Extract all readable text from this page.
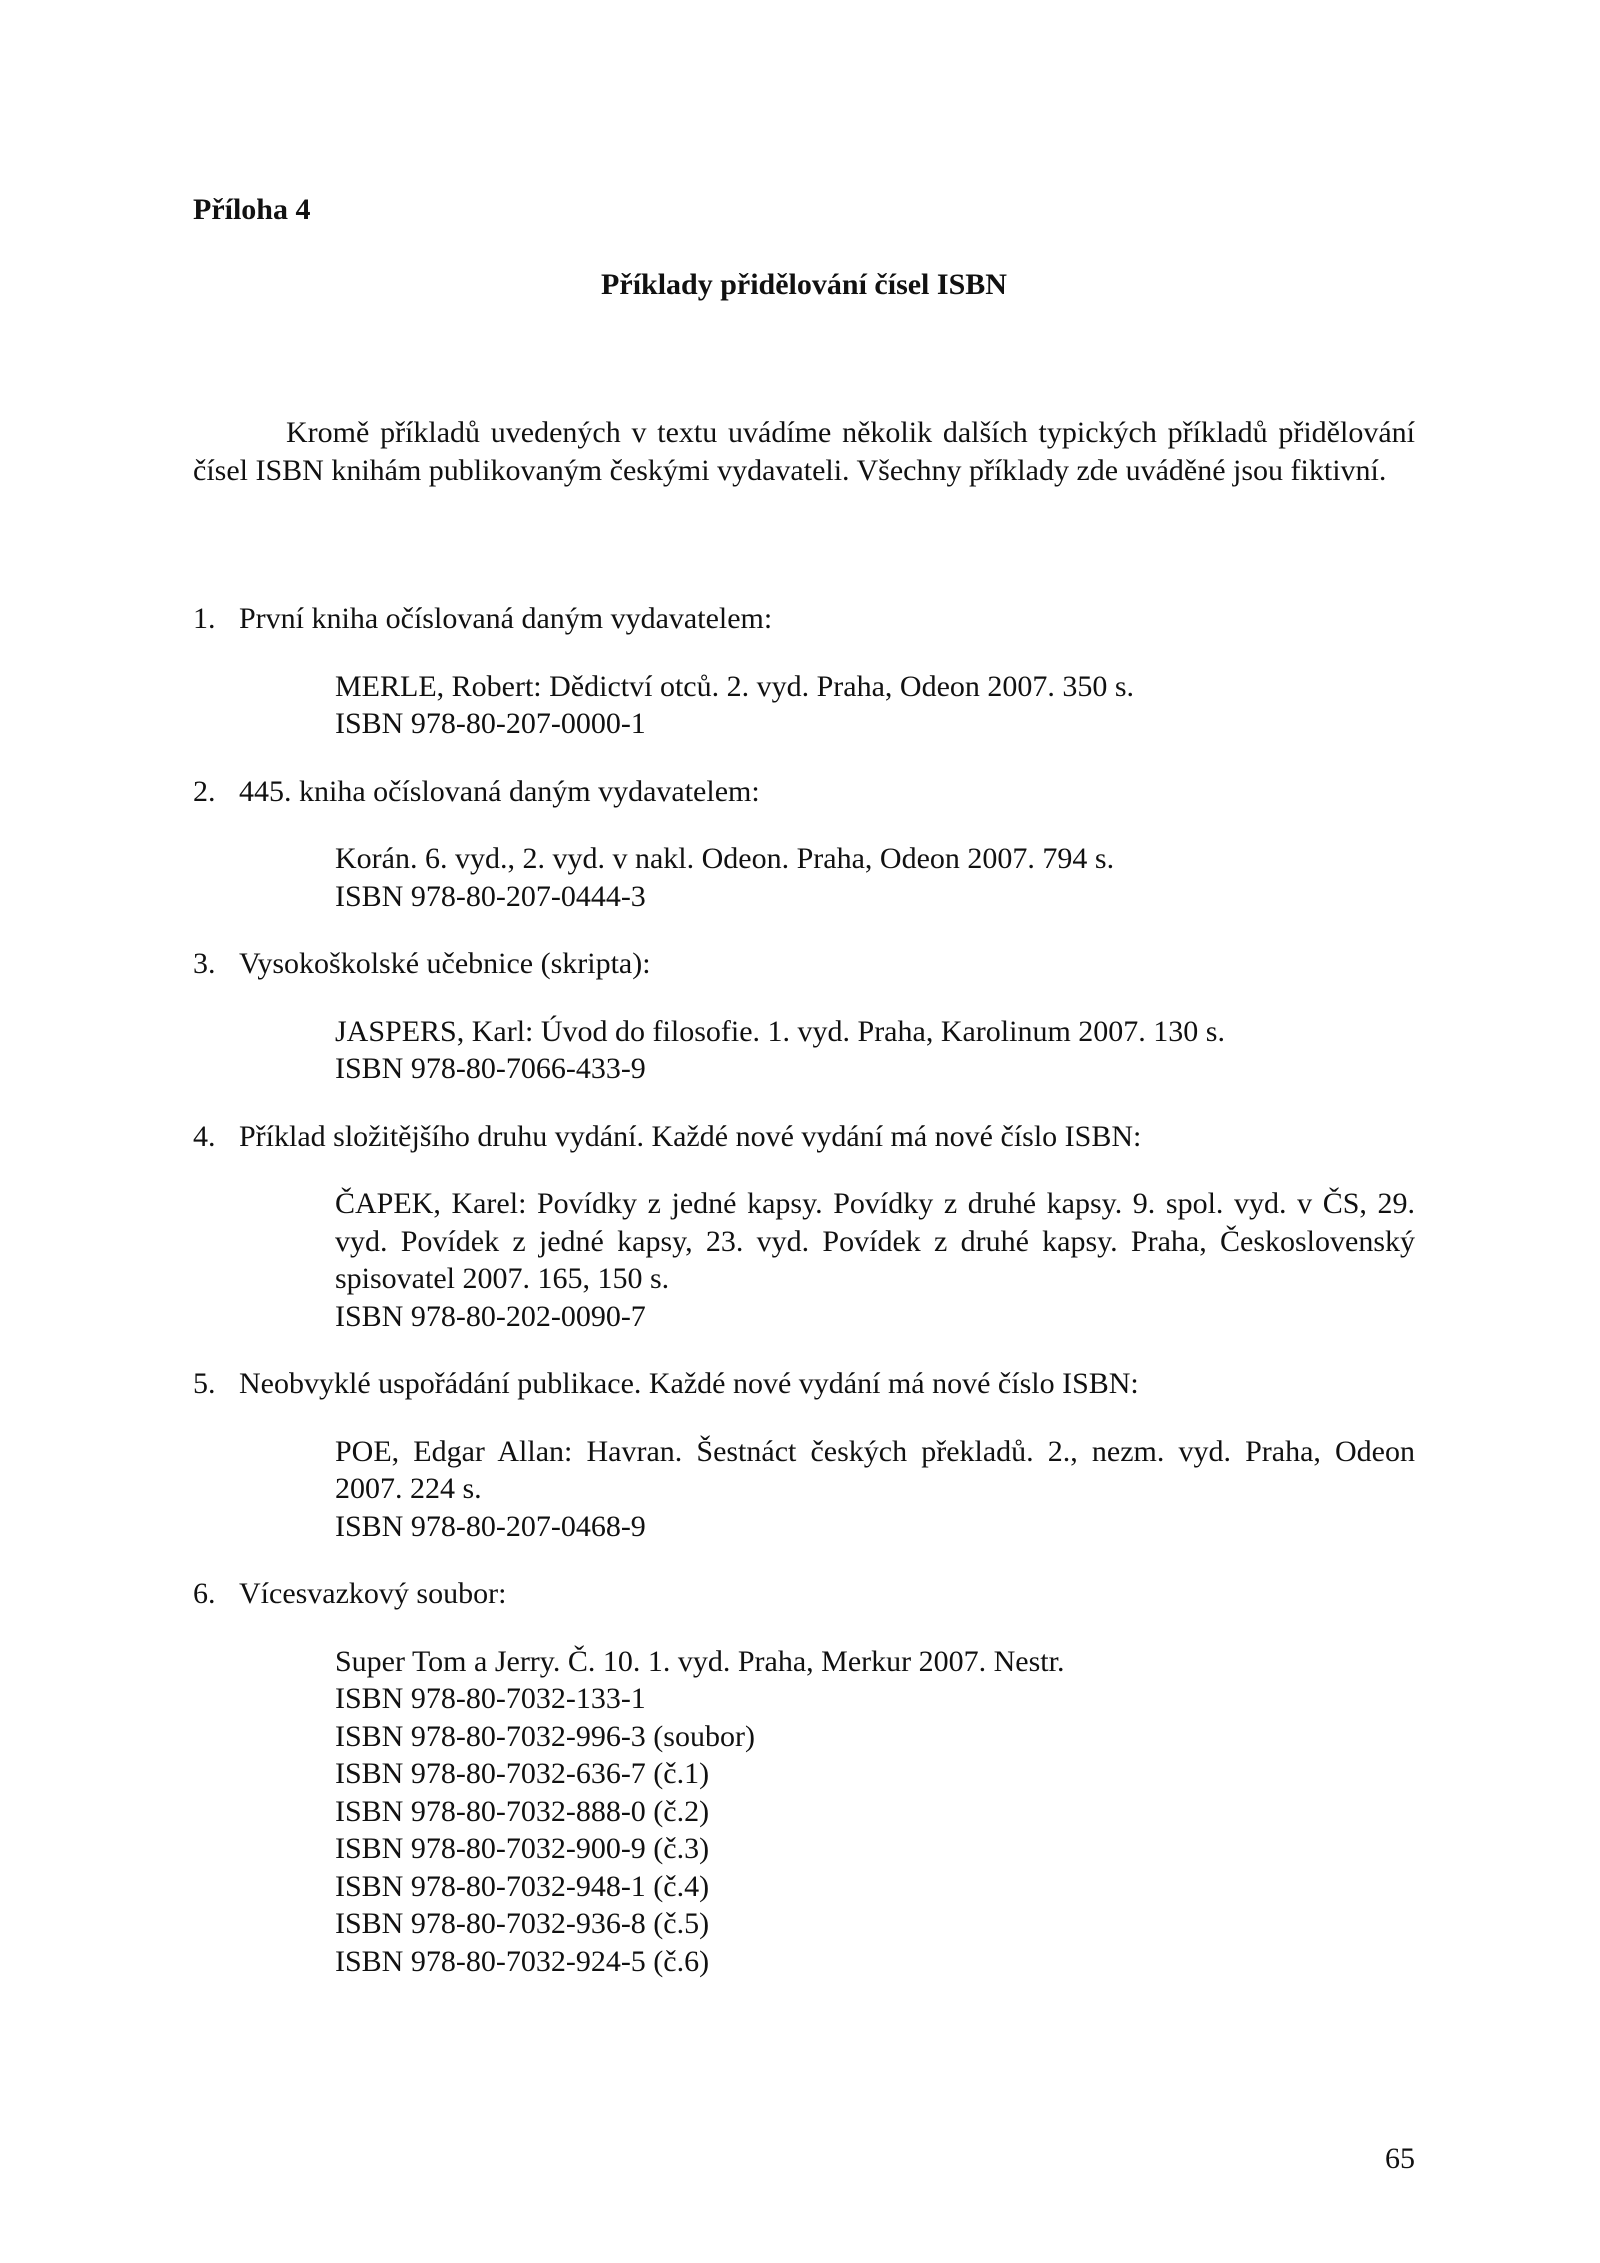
Příloha 4
Příklady přidělování čísel ISBN

Kromě příkladů uvedených v textu uvádíme několik dalších typických příkladů přidělování čísel ISBN knihám publikovaným českými vydavateli. Všechny příklady zde uváděné jsou fiktivní.

1. První kniha očíslovaná daným vydavatelem:
MERLE, Robert: Dědictví otců. 2. vyd. Praha, Odeon 2007. 350 s.
ISBN 978-80-207-0000-1
2. 445. kniha očíslovaná daným vydavatelem:
Korán. 6. vyd., 2. vyd. v nakl. Odeon. Praha, Odeon 2007. 794 s.
ISBN 978-80-207-0444-3
3. Vysokoškolské učebnice (skripta):
JASPERS, Karl: Úvod do filosofie. 1. vyd. Praha, Karolinum 2007. 130 s.
ISBN 978-80-7066-433-9
4. Příklad složitějšího druhu vydání. Každé nové vydání má nové číslo ISBN:
ČAPEK, Karel: Povídky z jedné kapsy. Povídky z druhé kapsy. 9. spol. vyd. v ČS, 29. vyd. Povídek z jedné kapsy, 23. vyd. Povídek z druhé kapsy. Praha, Československý spisovatel 2007. 165, 150 s.
ISBN 978-80-202-0090-7
5. Neobvyklé uspořádání publikace. Každé nové vydání má nové číslo ISBN:
POE, Edgar Allan: Havran. Šestnáct českých překladů. 2., nezm. vyd. Praha, Odeon 2007. 224 s.
ISBN 978-80-207-0468-9
6. Vícesvazkový soubor:
Super Tom a Jerry. Č. 10. 1. vyd. Praha, Merkur 2007. Nestr.
ISBN 978-80-7032-133-1
ISBN 978-80-7032-996-3 (soubor)
ISBN 978-80-7032-636-7 (č.1)
ISBN 978-80-7032-888-0 (č.2)
ISBN 978-80-7032-900-9 (č.3)
ISBN 978-80-7032-948-1 (č.4)
ISBN 978-80-7032-936-8 (č.5)
ISBN 978-80-7032-924-5 (č.6)
65
